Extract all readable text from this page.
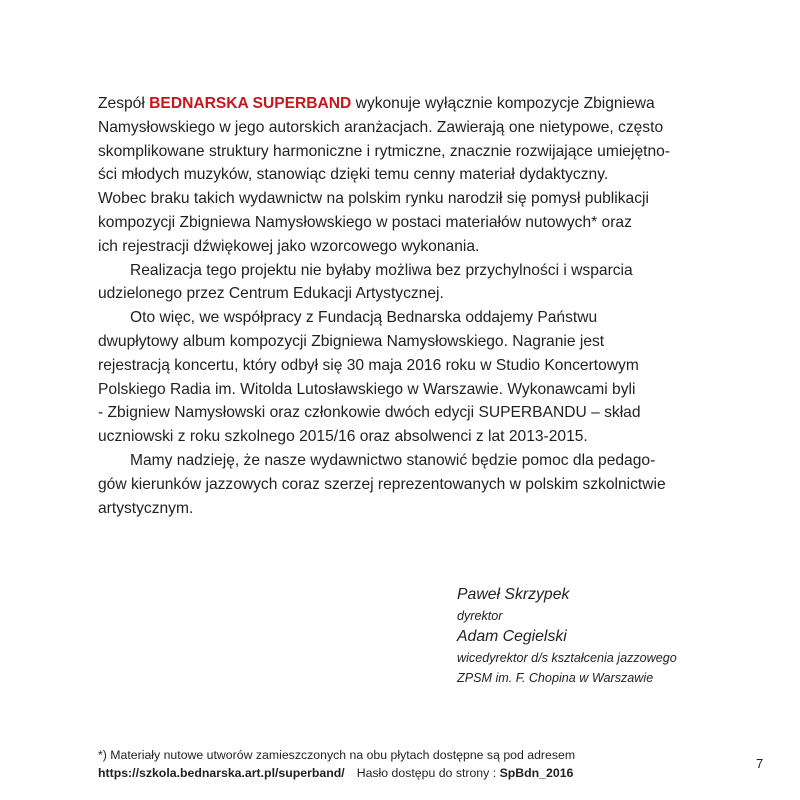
Zespół BEDNARSKA SUPERBAND wykonuje wyłącznie kompozycje Zbigniewa
Namysłowskiego w jego autorskich aranżacjach. Zawierają one nietypowe, często
skomplikowane struktury harmoniczne i rytmiczne, znacznie rozwijające umiejętno-
ści młodych muzyków, stanowiąc dzięki temu cenny materiał dydaktyczny.
Wobec braku takich wydawnictw na polskim rynku narodził się pomysł publikacji
kompozycji Zbigniewa Namysłowskiego w postaci materiałów nutowych* oraz
ich rejestracji dźwiękowej jako wzorcowego wykonania.
Realizacja tego projektu nie byłaby możliwa bez przychylności i wsparcia
udzielonego przez Centrum Edukacji Artystycznej.
Oto więc, we współpracy z Fundacją Bednarska oddajemy Państwu
dwupłytowy album kompozycji Zbigniewa Namysłowskiego. Nagranie jest
rejestracją koncertu, który odbył się 30 maja 2016 roku w Studio Koncertowym
Polskiego Radia im. Witolda Lutosławskiego w Warszawie. Wykonawcami byli
- Zbigniew Namysłowski oraz członkowie dwóch edycji SUPERBANDU – skład
uczniowski z roku szkolnego 2015/16 oraz absolwenci z lat 2013-2015.
Mamy nadzieję, że nasze wydawnictwo stanowić będzie pomoc dla pedago-
gów kierunków jazzowych coraz szerzej reprezentowanych w polskim szkolnictwie
artystycznym.
Paweł Skrzypek
dyrektor
Adam Cegielski
wicedyrektor d/s kształcenia jazzowego
ZPSM im. F. Chopina w Warszawie
*) Materiały nutowe utworów zamieszczonych na obu płytach dostępne są pod adresem
https://szkola.bednarska.art.pl/superband/ Hasło dostępu do strony : SpBdn_2016
7
